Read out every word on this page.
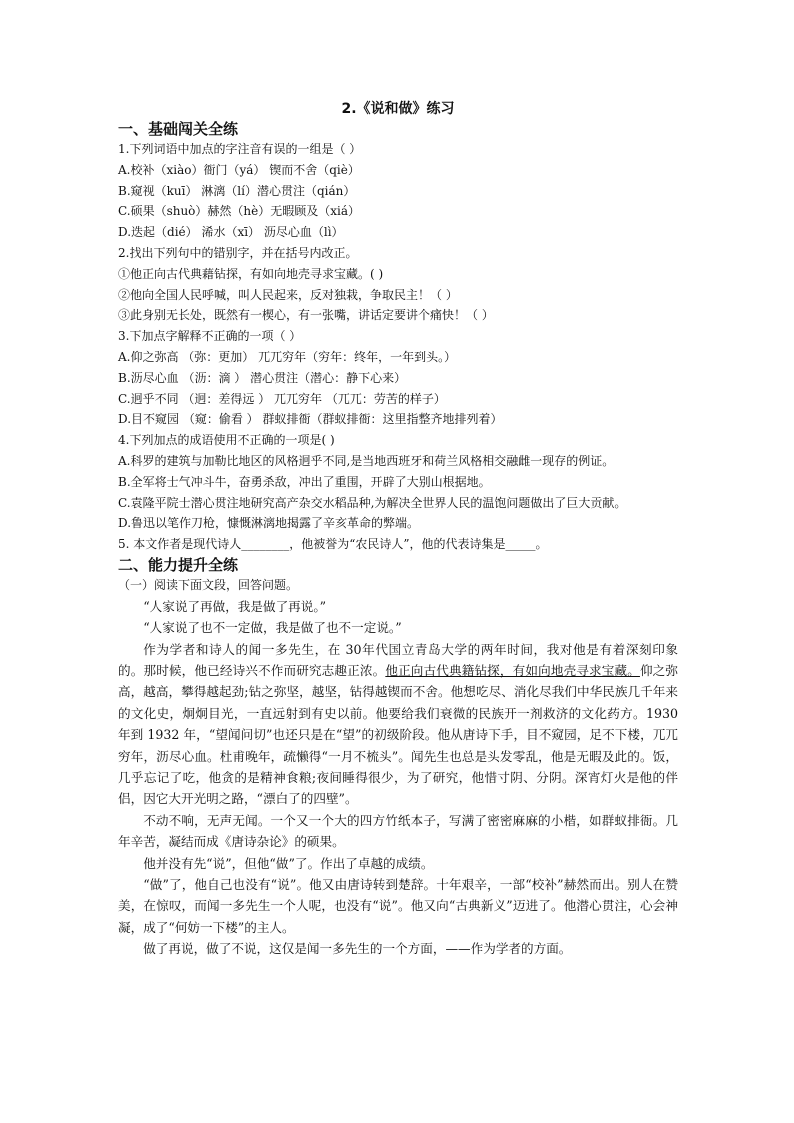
2.《说和做》练习

一、基础闯关全练

1.下列词语中加点的字注音有误的一组是（ ）

A.校补（xiào）衙门（yá） 锲而不舍（qiè）

B.窥视（kuī） 淋漓（lí）潜心贯注（qián）

C.硕果（shuò）赫然（hè）无暇顾及（xiá）

D.迭起（dié） 浠水（xī） 沥尽心血（lì）

2.找出下列句中的错别字，并在括号内改正。

①他正向古代典藉钻探，有如向地壳寻求宝藏。( )

②他向全国人民呼喊，叫人民起来，反对独栽，争取民主！（ ）

③此身别无长处，既然有一楔心，有一张嘴，讲话定要讲个痛快！（ ）

3.下加点字解释不正确的一项（ ）

A.仰之弥高 （弥：更加） 兀兀穷年（穷年：终年，一年到头。）

B.沥尽心血 （沥：滴 ） 潜心贯注（潜心：静下心来）

C.迥乎不同 （迥：差得远 ） 兀兀穷年 （兀兀：劳苦的样子）

D.目不窥园 （窥：偷看 ） 群蚁排衙（群蚁排衙：这里指整齐地排列着）

4.下列加点的成语使用不正确的一项是( )

A.科罗的建筑与加勒比地区的风格迥乎不同,是当地西班牙和荷兰风格相交融雌一现存的例证。

B.全军将士气冲斗牛，奋勇杀敌，冲出了重围，开辟了大别山根据地。

C.袁隆平院士潜心贯注地研究高产杂交水稻品种,为解决全世界人民的温饱问题做出了巨大贡献。

D.鲁迅以笔作刀枪，慷慨淋漓地揭露了辛亥革命的弊端。

5. 本文作者是现代诗人________，他被誉为“农民诗人”，他的代表诗集是_____。

二、能力提升全练

（一）阅读下面文段，回答问题。

“人家说了再做，我是做了再说。”

“人家说了也不一定做，我是做了也不一定说。”

作为学者和诗人的闻一多先生，在 30年代国立青岛大学的两年时间，我对他是有着深刻印象的。那时候，他已经诗兴不作而研究志趣正浓。他正向古代典籍钻探，有如向地壳寻求宝藏。仰之弥高，越高，攀得越起劲;钻之弥坚，越坚，钻得越锲而不舍。他想吃尽、消化尽我们中华民族几千年来的文化史，炯炯目光，一直远射到有史以前。他要给我们衰微的民族开一剂救济的文化药方。1930 年到 1932 年，“望闻问切”也还只是在“望”的初级阶段。他从唐诗下手，目不窥园，足不下楼，兀兀穷年，沥尽心血。杜甫晚年，疏懒得“一月不梳头”。闻先生也总是头发零乱，他是无暇及此的。饭，几乎忘记了吃，他贪的是精神食粮;夜间睡得很少，为了研究，他惜寸阴、分阴。深宵灯火是他的伴侣，因它大开光明之路，“漂白了的四壁”。

不动不响，无声无闻。一个又一个大的四方竹纸本子，写满了密密麻麻的小楷，如群蚁排衙。几年辛苦，凝结而成《唐诗杂论》的硕果。

他并没有先“说”，但他“做”了。作出了卓越的成绩。

“做”了，他自己也没有“说”。他又由唐诗转到楚辞。十年艰辛，一部“校补”赫然而出。别人在赞美，在惊叹，而闻一多先生一个人呢，也没有“说”。他又向“古典新义”迈进了。他潜心贯注，心会神凝，成了“何妨一下楼”的主人。

做了再说，做了不说，这仅是闻一多先生的一个方面，——作为学者的方面。
